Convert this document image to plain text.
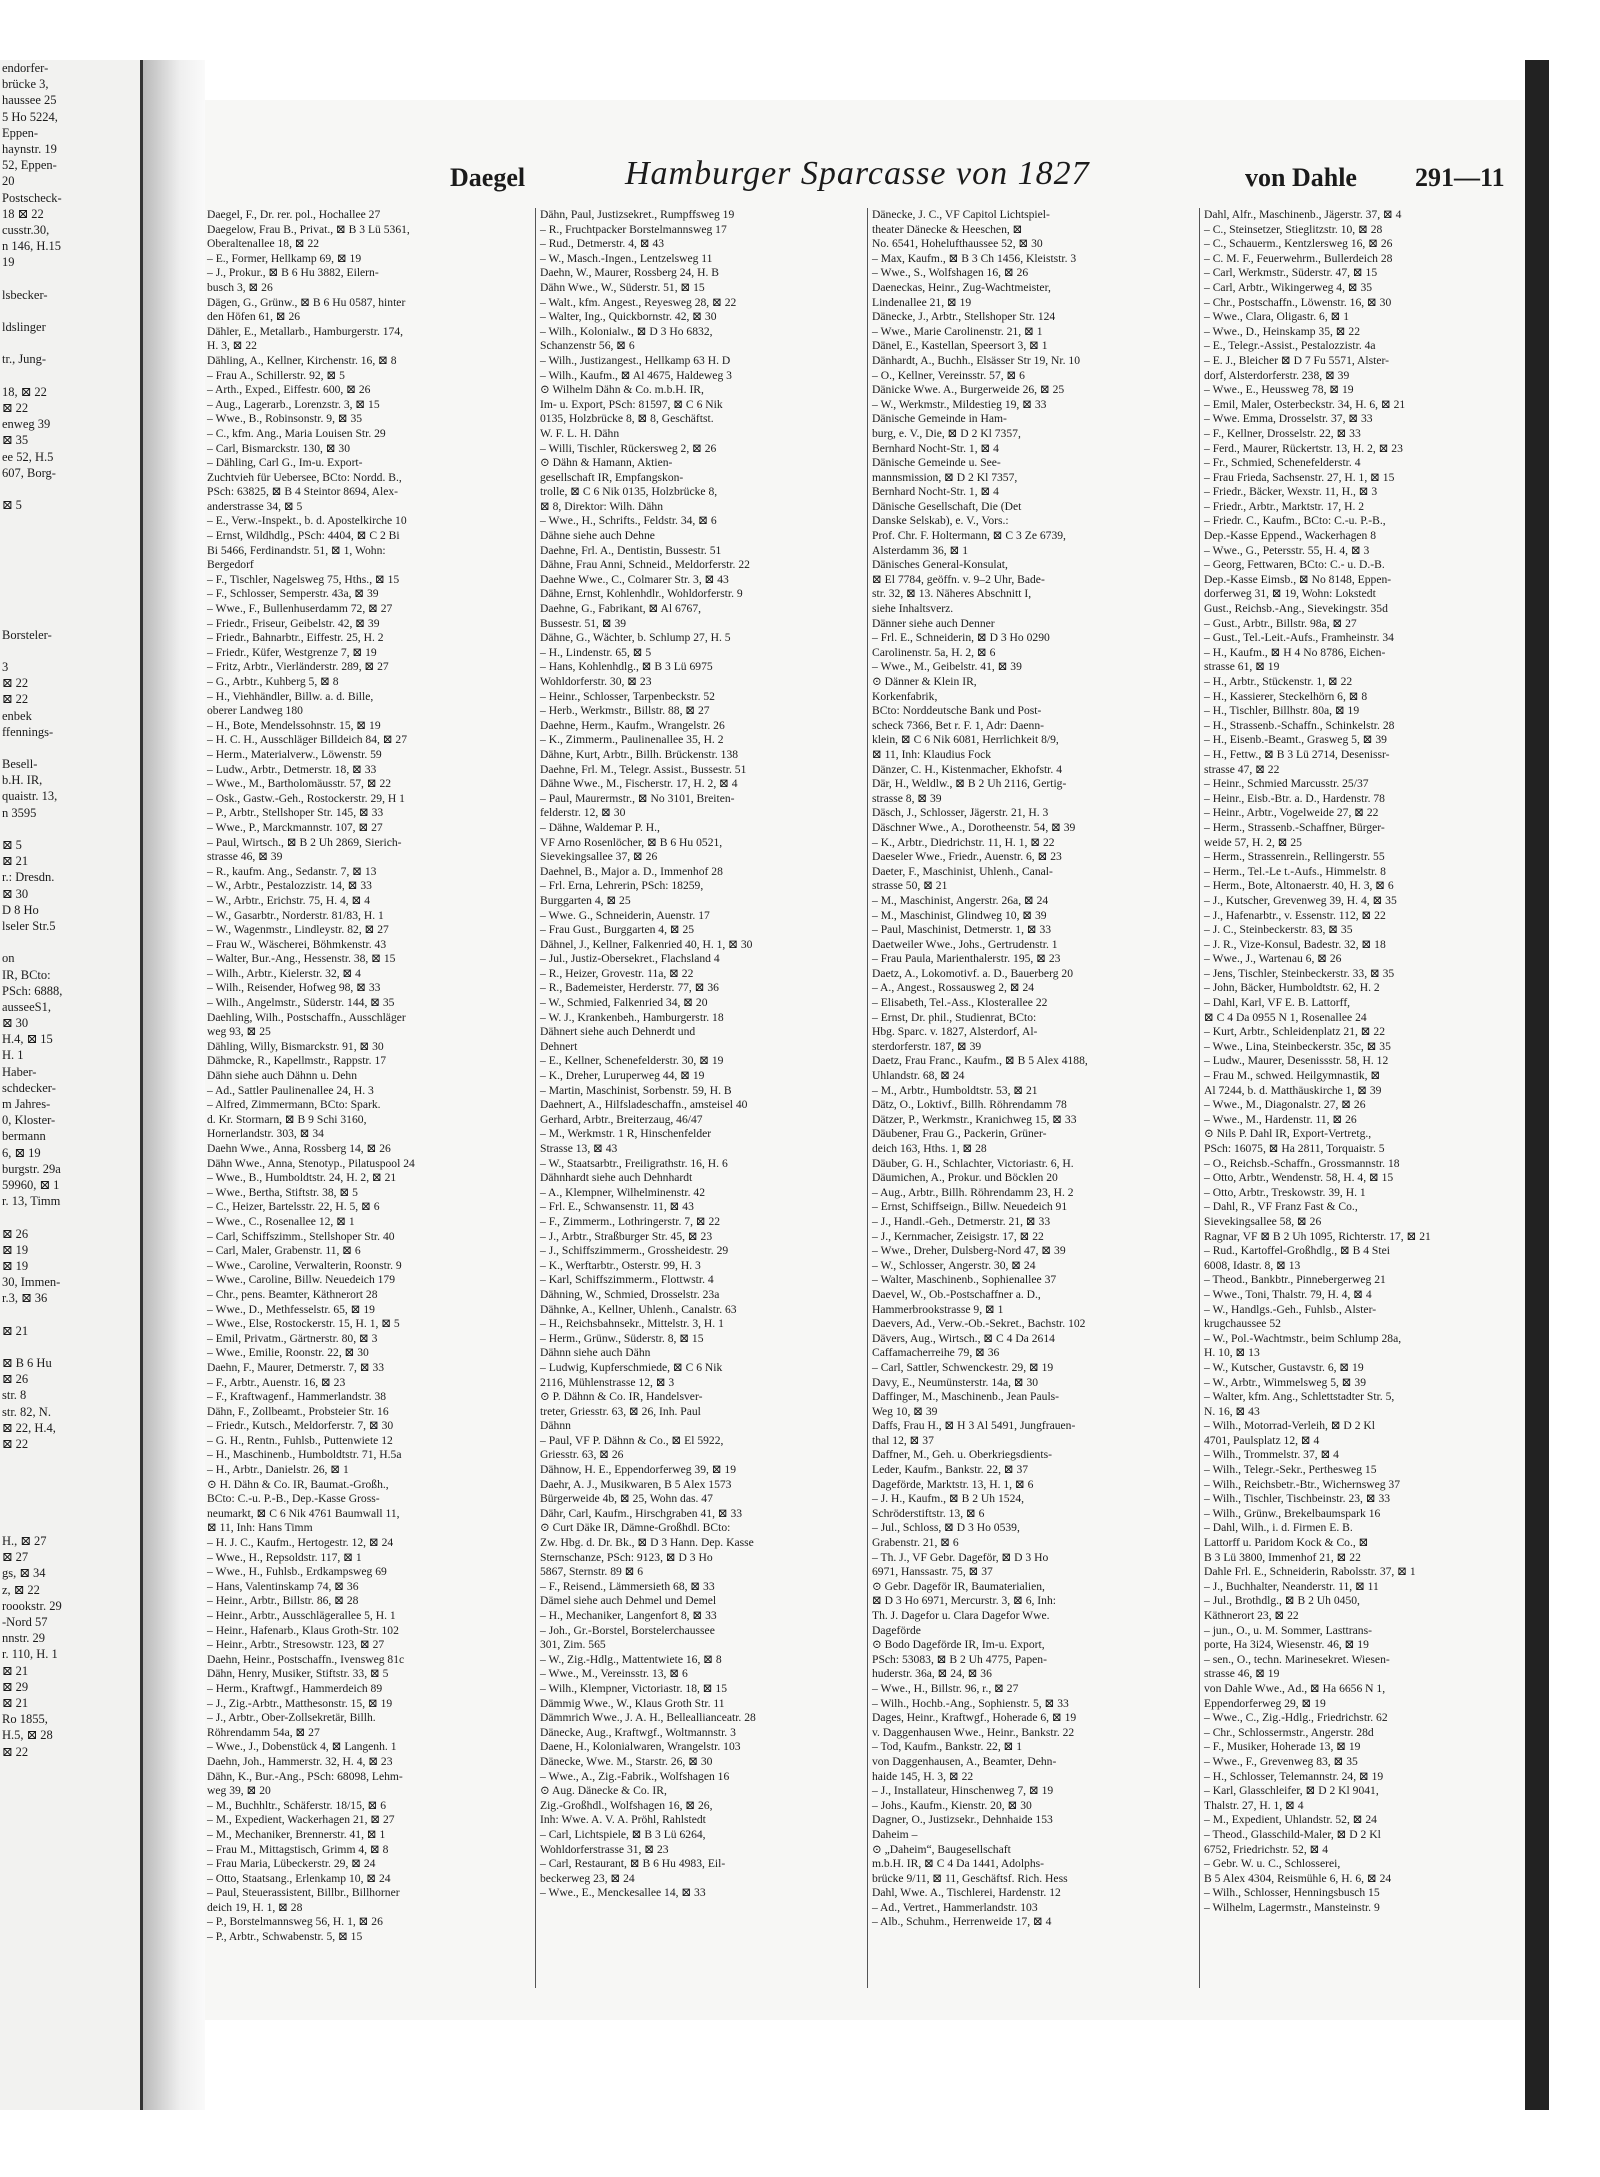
endorfer-
brücke 3,
haussee 25
5 Ho 5224,
Eppen-
haynstr. 19
52, Eppen-
20
Postscheck-
18 ⊠ 22
cusstr.30,
n 146, H.15
19
lsbecker-
ldslinger
tr., Jung-
18, ⊠ 22
⊠ 22
enweg 39
⊠ 35
ee 52, H.5
607, Borg-
⊠ 5
Borsteler-
3
⊠ 22
⊠ 22
enbek
ffennings-
Besell-
b.H. IR,
quaistr. 13,
n 3595
⊠ 5
⊠ 21
r.: Dresdn.
⊠ 30
D 8 Ho
lseler Str.5
on
IR, BCto:
PSch: 6888,
ausseeS1,
⊠ 30
H.4, ⊠ 15
H. 1
Haber-
schdecker-
m Jahres-
0, Kloster-
bermann
6, ⊠ 19
burgstr. 29a
59960, ⊠ 1
r. 13, Timm
⊠ 26
⊠ 19
⊠ 19
30, Immen-
r.3, ⊠ 36
⊠ 21
⊠ B 6 Hu
⊠ 26
str. 8
str. 82, N.
⊠ 22, H.4,
⊠ 22
H., ⊠ 27
⊠ 27
gs, ⊠ 34
z, ⊠ 22
roookstr. 29
-Nord 57
nnstr. 29
r. 110, H. 1
⊠ 21
⊠ 29
⊠ 21
Ro 1855,
H.5, ⊠ 28
⊠ 22
Daegel	Hamburger Sparcasse von 1827	von Dahle 291—11
Daegel, F., Dr. rer. pol., Hochallee 27
Daegelow, Frau B., Privat., ⊠ B 3 Lü 5361,
Oberaltenallee 18, ⊠ 22
– E., Former, Hellkamp 69, ⊠ 19
– J., Prokur., ⊠ B 6 Hu 3882, Eilern-
busch 3, ⊠ 26
Dägen, G., Grünw., ⊠ B 6 Hu 0587, hinter
den Höfen 61, ⊠ 26
Dähler, E., Metallarb., Hamburgerstr. 174,
H. 3, ⊠ 22
Dähling, A., Kellner, Kirchenstr. 16, ⊠ 8
– Frau A., Schillerstr. 92, ⊠ 5
– Arth., Exped., Eiffestr. 600, ⊠ 26
– Aug., Lagerarb., Lorenzstr. 3, ⊠ 15
– Wwe., B., Robinsonstr. 9, ⊠ 35
– C., kfm. Ang., Maria Louisen Str. 29
– Carl, Bismarckstr. 130, ⊠ 30
– Dähling, Carl G., Im-u. Export-
Zuchtvieh für Uebersee, BCto: Nordd. B.,
PSch: 63825, ⊠ B 4 Steintor 8694, Alex-
anderstrasse 34, ⊠ 5
– E., Verw.-Inspekt., b. d. Apostelkirche 10
– Ernst, Wildhdlg., PSch: 4404, ⊠ C 2 Bi
Bi 5466, Ferdinandstr. 51, ⊠ 1, Wohn:
Bergedorf
– F., Tischler, Nagelsweg 75, Hths., ⊠ 15
– F., Schlosser, Semperstr. 43a, ⊠ 39
– Wwe., F., Bullenhuserdamm 72, ⊠ 27
– Friedr., Friseur, Geibelstr. 42, ⊠ 39
– Friedr., Bahnarbtr., Eiffestr. 25, H. 2
– Friedr., Küfer, Westgrenze 7, ⊠ 19
– Fritz, Arbtr., Vierländerstr. 289, ⊠ 27
– G., Arbtr., Kuhberg 5, ⊠ 8
– H., Viehhändler, Billw. a. d. Bille,
oberer Landweg 180
– H., Bote, Mendelssohnstr. 15, ⊠ 19
– H. C. H., Ausschläger Billdeich 84, ⊠ 27
– Herm., Materialverw., Löwenstr. 59
– Ludw., Arbtr., Detmerstr. 18, ⊠ 33
– Wwe., M., Bartholomäusstr. 57, ⊠ 22
– Osk., Gastw.-Geh., Rostockerstr. 29, H 1
– P., Arbtr., Stellshoper Str. 145, ⊠ 33
– Wwe., P., Marckmannstr. 107, ⊠ 27
– Paul, Wirtsch., ⊠ B 2 Uh 2869, Sierich-
strasse 46, ⊠ 39
– R., kaufm. Ang., Sedanstr. 7, ⊠ 13
– W., Arbtr., Pestalozzistr. 14, ⊠ 33
– W., Arbtr., Erichstr. 75, H. 4, ⊠ 4
– W., Gasarbtr., Norderstr. 81/83, H. 1
– W., Wagenmstr., Lindleystr. 82, ⊠ 27
– Frau W., Wäscherei, Böhmkenstr. 43
– Walter, Bur.-Ang., Hessenstr. 38, ⊠ 15
– Wilh., Arbtr., Kielerstr. 32, ⊠ 4
– Wilh., Reisender, Hofweg 98, ⊠ 33
– Wilh., Angelmstr., Süderstr. 144, ⊠ 35
Daehling, Wilh., Postschaffn., Ausschläger
weg 93, ⊠ 25
Dähling, Willy, Bismarckstr. 91, ⊠ 30
Dähmcke, R., Kapellmstr., Rappstr. 17
Dähn siehe auch Dähnn u. Dehn
– Ad., Sattler Paulinenallee 24, H. 3
– Alfred, Zimmermann, BCto: Spark.
d. Kr. Stormarn, ⊠ B 9 Schi 3160,
Hornerlandstr. 303, ⊠ 34
Daehn Wwe., Anna, Rossberg 14, ⊠ 26
Dähn Wwe., Anna, Stenotyp., Pilatuspool 24
– Wwe., B., Humboldtstr. 24, H. 2, ⊠ 21
– Wwe., Bertha, Stiftstr. 38, ⊠ 5
– C., Heizer, Bartelsstr. 22, H. 5, ⊠ 6
– Wwe., C., Rosenallee 12, ⊠ 1
– Carl, Schiffszimm., Stellshoper Str. 40
– Carl, Maler, Grabenstr. 11, ⊠ 6
– Wwe., Caroline, Verwalterin, Roonstr. 9
– Wwe., Caroline, Billw. Neuedeich 179
– Chr., pens. Beamter, Käthnerort 28
– Wwe., D., Methfesselstr. 65, ⊠ 19
– Wwe., Else, Rostockerstr. 15, H. 1, ⊠ 5
– Emil, Privatm., Gärtnerstr. 80, ⊠ 3
– Wwe., Emilie, Roonstr. 22, ⊠ 30
Daehn, F., Maurer, Detmerstr. 7, ⊠ 33
– F., Arbtr., Auenstr. 16, ⊠ 23
– F., Kraftwagenf., Hammerlandstr. 38
Dähn, F., Zollbeamt., Probsteier Str. 16
– Friedr., Kutsch., Meldorferstr. 7, ⊠ 30
– G. H., Rentn., Fuhlsb., Puttenwiete 12
– H., Maschinenb., Humboldtstr. 71, H.5a
– H., Arbtr., Danielstr. 26, ⊠ 1
⊙ H. Dähn & Co. IR, Baumat.-Großh.,
BCto: C.-u. P.-B., Dep.-Kasse Gross-
neumarkt, ⊠ C 6 Nik 4761 Baumwall 11,
⊠ 11, Inh: Hans Timm
– H. J. C., Kaufm., Hertogestr. 12, ⊠ 24
– Wwe., H., Repsoldstr. 117, ⊠ 1
– Wwe., H., Fuhlsb., Erdkampsweg 69
– Hans, Valentinskamp 74, ⊠ 36
– Heinr., Arbtr., Billstr. 86, ⊠ 28
– Heinr., Arbtr., Ausschlägerallee 5, H. 1
– Heinr., Hafenarb., Klaus Groth-Str. 102
– Heinr., Arbtr., Stresowstr. 123, ⊠ 27
Daehn, Heinr., Postschaffn., Ivensweg 81c
Dähn, Henry, Musiker, Stiftstr. 33, ⊠ 5
– Herm., Kraftwgf., Hammerdeich 89
– J., Zig.-Arbtr., Matthesonstr. 15, ⊠ 19
– J., Arbtr., Ober-Zollsekretär, Billh.
Röhrendamm 54a, ⊠ 27
– Wwe., J., Dobenstück 4, ⊠ Langenh. 1
Daehn, Joh., Hammerstr. 32, H. 4, ⊠ 23
Dähn, K., Bur.-Ang., PSch: 68098, Lehm-
weg 39, ⊠ 20
– M., Buchhltr., Schäferstr. 18/15, ⊠ 6
– M., Expedient, Wackerhagen 21, ⊠ 27
– M., Mechaniker, Brennerstr. 41, ⊠ 1
– Frau M., Mittagstisch, Grimm 4, ⊠ 8
– Frau Maria, Lübeckerstr. 29, ⊠ 24
– Otto, Staatsang., Erlenkamp 10, ⊠ 24
– Paul, Steuerassistent, Billbr., Billhorner
deich 19, H. 1, ⊠ 28
– P., Borstelmannsweg 56, H. 1, ⊠ 26
– P., Arbtr., Schwabenstr. 5, ⊠ 15
Dähn, Paul, Justizsekret., Rumpffsweg 19
– R., Fruchtpacker Borstelmannsweg 17
– Rud., Detmerstr. 4, ⊠ 43
– W., Masch.-Ingen., Lentzelsweg 11
Daehn, W., Maurer, Rossberg 24, H. B
Dähn Wwe., W., Süderstr. 51, ⊠ 15
– Walt., kfm. Angest., Reyesweg 28, ⊠ 22
– Walter, Ing., Quickbornstr. 42, ⊠ 30
– Wilh., Kolonialw., ⊠ D 3 Ho 6832,
Schanzenstr 56, ⊠ 6
– Wilh., Justizangest., Hellkamp 63 H. D
– Wilh., Kaufm., ⊠ Al 4675, Haldeweg 3
⊙ Wilhelm Dähn & Co. m.b.H. IR,
Im- u. Export, PSch: 81597, ⊠ C 6 Nik
0135, Holzbrücke 8, ⊠ 8, Geschäftst.
W. F. L. H. Dähn
– Willi, Tischler, Rückersweg 2, ⊠ 26
⊙ Dähn & Hamann, Aktien-
gesellschaft IR, Empfangskon-
trolle, ⊠ C 6 Nik 0135, Holzbrücke 8,
⊠ 8, Direktor: Wilh. Dähn
– Wwe., H., Schrifts., Feldstr. 34, ⊠ 6
Dähne siehe auch Dehne
Daehne, Frl. A., Dentistin, Bussestr. 51
Dähne, Frau Anni, Schneid., Meldorferstr. 22
Daehne Wwe., C., Colmarer Str. 3, ⊠ 43
Dähne, Ernst, Kohlenhdlr., Wohldorferstr. 9
Daehne, G., Fabrikant, ⊠ Al 6767,
Bussestr. 51, ⊠ 39
Dähne, G., Wächter, b. Schlump 27, H. 5
– H., Lindenstr. 65, ⊠ 5
– Hans, Kohlenhdlg., ⊠ B 3 Lü 6975
Wohldorferstr. 30, ⊠ 23
– Heinr., Schlosser, Tarpenbeckstr. 52
– Herb., Werkmstr., Billstr. 88, ⊠ 27
Daehne, Herm., Kaufm., Wrangelstr. 26
– K., Zimmerm., Paulinenallee 35, H. 2
Dähne, Kurt, Arbtr., Billh. Brückenstr. 138
Daehne, Frl. M., Telegr. Assist., Bussestr. 51
Dähne Wwe., M., Fischerstr. 17, H. 2, ⊠ 4
– Paul, Maurermstr., ⊠ No 3101, Breiten-
felderstr. 12, ⊠ 30
– Dähne, Waldemar P. H.,
VF Arno Rosenlöcher, ⊠ B 6 Hu 0521,
Sievekingsallee 37, ⊠ 26
Daehnel, B., Major a. D., Immenhof 28
– Frl. Erna, Lehrerin, PSch: 18259,
Burggarten 4, ⊠ 25
– Wwe. G., Schneiderin, Auenstr. 17
– Frau Gust., Burggarten 4, ⊠ 25
Dähnel, J., Kellner, Falkenried 40, H. 1, ⊠ 30
– Jul., Justiz-Obersekret., Flachsland 4
– R., Heizer, Grovestr. 11a, ⊠ 22
– R., Bademeister, Herderstr. 77, ⊠ 36
– W., Schmied, Falkenried 34, ⊠ 20
– W. J., Krankenbeh., Hamburgerstr. 18
Dähnert siehe auch Dehnerdt und
Dehnert
– E., Kellner, Schenefelderstr. 30, ⊠ 19
– K., Dreher, Luruperweg 44, ⊠ 19
– Martin, Maschinist, Sorbenstr. 59, H. B
Daehnert, A., Hilfsladeschaffn., amsteisel 40
Gerhard, Arbtr., Breiterzaug, 46/47
– M., Werkmstr. 1 R, Hinschenfelder
Strasse 13, ⊠ 43
– W., Staatsarbtr., Freiligrathstr. 16, H. 6
Dähnhardt siehe auch Dehnhardt
– A., Klempner, Wilhelminenstr. 42
– Frl. E., Schwansenstr. 11, ⊠ 43
– F., Zimmerm., Lothringerstr. 7, ⊠ 22
– J., Arbtr., Straßburger Str. 45, ⊠ 23
– J., Schiffszimmerm., Grossheidestr. 29
– K., Werftarbtr., Osterstr. 99, H. 3
– Karl, Schiffszimmerm., Flottwstr. 4
Dähning, W., Schmied, Drosselstr. 23a
Dähnke, A., Kellner, Uhlenh., Canalstr. 63
– H., Reichsbahnsekr., Mittelstr. 3, H. 1
– Herm., Grünw., Süderstr. 8, ⊠ 15
Dähnn siehe auch Dähn
– Ludwig, Kupferschmiede, ⊠ C 6 Nik
2116, Mühlenstrasse 12, ⊠ 3
⊙ P. Dähnn & Co. IR, Handelsver-
treter, Griesstr. 63, ⊠ 26, Inh. Paul
Dähnn
– Paul, VF P. Dähnn & Co., ⊠ El 5922,
Griesstr. 63, ⊠ 26
Dähnow, H. E., Eppendorferweg 39, ⊠ 19
Daehr, A. J., Musikwaren, B 5 Alex 1573
Bürgerweide 4b, ⊠ 25, Wohn das. 47
Dähr, Carl, Kaufm., Hirschgraben 41, ⊠ 33
⊙ Curt Däke IR, Dämne-Großhdl. BCto:
Zw. Hbg. d. Dr. Bk., ⊠ D 3 Hann. Dep. Kasse
Sternschanze, PSch: 9123, ⊠ D 3 Ho
5867, Sternstr. 89 ⊠ 6
– F., Reisend., Lämmersieth 68, ⊠ 33
Dämel siehe auch Dehmel und Demel
– H., Mechaniker, Langenfort 8, ⊠ 33
– Joh., Gr.-Borstel, Borstelerchaussee
301, Zim. 565
– W., Zig.-Hdlg., Mattentwiete 16, ⊠ 8
– Wwe., M., Vereinsstr. 13, ⊠ 6
– Wilh., Klempner, Victoriastr. 18, ⊠ 15
Dämmig Wwe., W., Klaus Groth Str. 11
Dämmrich Wwe., J. A. H., Belleallianceatr. 28
Dänecke, Aug., Kraftwgf., Woltmannstr. 3
Daene, H., Kolonialwaren, Wrangelstr. 103
Dänecke, Wwe. M., Starstr. 26, ⊠ 30
– Wwe., A., Zig.-Fabrik., Wolfshagen 16
⊙ Aug. Dänecke & Co. IR,
Zig.-Großhdl., Wolfshagen 16, ⊠ 26,
Inh: Wwe. A. V. A. Pröhl, Rahlstedt
– Carl, Lichtspiele, ⊠ B 3 Lü 6264,
Wohldorferstrasse 31, ⊠ 23
– Carl, Restaurant, ⊠ B 6 Hu 4983, Eil-
beckerweg 23, ⊠ 24
– Wwe., E., Menckesallee 14, ⊠ 33
Dänecke, J. C., VF Capitol Lichtspiel-
theater Dänecke & Heeschen, ⊠
No. 6541, Hohelufthaussee 52, ⊠ 30
– Max, Kaufm., ⊠ B 3 Ch 1456, Kleiststr. 3
– Wwe., S., Wolfshagen 16, ⊠ 26
Daeneckas, Heinr., Zug-Wachtmeister,
Lindenallee 21, ⊠ 19
Dänecke, J., Arbtr., Stellshoper Str. 124
– Wwe., Marie Carolinenstr. 21, ⊠ 1
Dänel, E., Kastellan, Speersort 3, ⊠ 1
Dänhardt, A., Buchh., Elsässer Str 19, Nr. 10
– O., Kellner, Vereinsstr. 57, ⊠ 6
Dänicke Wwe. A., Burgerweide 26, ⊠ 25
– W., Werkmstr., Mildestieg 19, ⊠ 33
Dänische Gemeinde in Ham-
burg, e. V., Die, ⊠ D 2 Kl 7357,
Bernhard Nocht-Str. 1, ⊠ 4
Dänische Gemeinde u. See-
mannsmission, ⊠ D 2 Kl 7357,
Bernhard Nocht-Str. 1, ⊠ 4
Dänische Gesellschaft, Die (Det
Danske Selskab), e. V., Vors.:
Prof. Chr. F. Holtermann, ⊠ C 3 Ze 6739,
Alsterdamm 36, ⊠ 1
Dänisches General-Konsulat,
⊠ El 7784, geöffn. v. 9–2 Uhr, Bade-
str. 32, ⊠ 13. Näheres Abschnitt I,
siehe Inhaltsverz.
Dänner siehe auch Denner
– Frl. E., Schneiderin, ⊠ D 3 Ho 0290
Carolinenstr. 5a, H. 2, ⊠ 6
– Wwe., M., Geibelstr. 41, ⊠ 39
⊙ Dänner & Klein IR,
Korkenfabrik,
BCto: Norddeutsche Bank und Post-
scheck 7366, Bet r. F. 1, Adr: Daenn-
klein, ⊠ C 6 Nik 6081, Herrlichkeit 8/9,
⊠ 11, Inh: Klaudius Fock
Dänzer, C. H., Kistenmacher, Ekhofstr. 4
Där, H., Weldlw., ⊠ B 2 Uh 2116, Gertig-
strasse 8, ⊠ 39
Däsch, J., Schlosser, Jägerstr. 21, H. 3
Däschner Wwe., A., Dorotheenstr. 54, ⊠ 39
– K., Arbtr., Diedrichstr. 11, H. 1, ⊠ 22
Daeseler Wwe., Friedr., Auenstr. 6, ⊠ 23
Daeter, F., Maschinist, Uhlenh., Canal-
strasse 50, ⊠ 21
– M., Maschinist, Angerstr. 26a, ⊠ 24
– M., Maschinist, Glindweg 10, ⊠ 39
– Paul, Maschinist, Detmerstr. 1, ⊠ 33
Daetweiler Wwe., Johs., Gertrudenstr. 1
– Frau Paula, Marienthalerstr. 195, ⊠ 23
Daetz, A., Lokomotivf. a. D., Bauerberg 20
– A., Angest., Rossausweg 2, ⊠ 24
– Elisabeth, Tel.-Ass., Klosterallee 22
– Ernst, Dr. phil., Studienrat, BCto:
Hbg. Sparc. v. 1827, Alsterdorf, Al-
sterdorferstr. 187, ⊠ 39
Daetz, Frau Franc., Kaufm., ⊠ B 5 Alex 4188,
Uhlandstr. 68, ⊠ 24
– M., Arbtr., Humboldtstr. 53, ⊠ 21
Dätz, O., Loktivf., Billh. Röhrendamm 78
Dätzer, P., Werkmstr., Kranichweg 15, ⊠ 33
Däubener, Frau G., Packerin, Grüner-
deich 163, Hths. 1, ⊠ 28
Däuber, G. H., Schlachter, Victoriastr. 6, H.
Däumichen, A., Prokur. und Böcklen 20
– Aug., Arbtr., Billh. Röhrendamm 23, H. 2
– Ernst, Schiffseign., Billw. Neuedeich 91
– J., Handl.-Geh., Detmerstr. 21, ⊠ 33
– J., Kernmacher, Zeisigstr. 17, ⊠ 22
– Wwe., Dreher, Dulsberg-Nord 47, ⊠ 39
– W., Schlosser, Angerstr. 30, ⊠ 24
– Walter, Maschinenb., Sophienallee 37
Daevel, W., Ob.-Postschaffner a. D.,
Hammerbrookstrasse 9, ⊠ 1
Daevers, Ad., Verw.-Ob.-Sekret., Bachstr. 102
Dävers, Aug., Wirtsch., ⊠ C 4 Da 2614
Caffamacherreihe 79, ⊠ 36
– Carl, Sattler, Schwenckestr. 29, ⊠ 19
Davy, E., Neumünsterstr. 14a, ⊠ 30
Daffinger, M., Maschinenb., Jean Pauls-
Weg 10, ⊠ 39
Daffs, Frau H., ⊠ H 3 Al 5491, Jungfrauen-
thal 12, ⊠ 37
Daffner, M., Geh. u. Oberkriegsdients-
Leder, Kaufm., Bankstr. 22, ⊠ 37
Dageförde, Marktstr. 13, H. 1, ⊠ 6
– J. H., Kaufm., ⊠ B 2 Uh 1524,
Schröderstiftstr. 13, ⊠ 6
– Jul., Schloss, ⊠ D 3 Ho 0539,
Grabenstr. 21, ⊠ 6
– Th. J., VF Gebr. Dageför, ⊠ D 3 Ho
6971, Hanssastr. 75, ⊠ 37
⊙ Gebr. Dageför IR, Baumaterialien,
⊠ D 3 Ho 6971, Mercurstr. 3, ⊠ 6, Inh:
Th. J. Dagefor u. Clara Dagefor Wwe.
Dageförde
⊙ Bodo Dageförde IR, Im-u. Export,
PSch: 53083, ⊠ B 2 Uh 4775, Papen-
huderstr. 36a, ⊠ 24, ⊠ 36
– Wwe., H., Billstr. 96, r., ⊠ 27
– Wilh., Hochb.-Ang., Sophienstr. 5, ⊠ 33
Dages, Heinr., Kraftwgf., Hoherade 6, ⊠ 19
v. Daggenhausen Wwe., Heinr., Bankstr. 22
– Tod, Kaufm., Bankstr. 22, ⊠ 1
von Daggenhausen, A., Beamter, Dehn-
haide 145, H. 3, ⊠ 22
– J., Installateur, Hinschenweg 7, ⊠ 19
– Johs., Kaufm., Kienstr. 20, ⊠ 30
Dagner, O., Justizsekr., Dehnhaide 153
Daheim –
⊙ „Daheim“, Baugesellschaft
m.b.H. IR, ⊠ C 4 Da 1441, Adolphs-
brücke 9/11, ⊠ 11, Geschäftsf. Rich. Hess
Dahl, Wwe. A., Tischlerei, Hardenstr. 12
– Ad., Vertret., Hammerlandstr. 103
– Alb., Schuhm., Herrenweide 17, ⊠ 4
Dahl, Alfr., Maschinenb., Jägerstr. 37, ⊠ 4
– C., Steinsetzer, Stieglitzstr. 10, ⊠ 28
– C., Schauerm., Kentzlersweg 16, ⊠ 26
– C. M. F., Feuerwehrm., Bullerdeich 28
– Carl, Werkmstr., Süderstr. 47, ⊠ 15
– Carl, Arbtr., Wikingerweg 4, ⊠ 35
– Chr., Postschaffn., Löwenstr. 16, ⊠ 30
– Wwe., Clara, Oligastr. 6, ⊠ 1
– Wwe., D., Heinskamp 35, ⊠ 22
– E., Telegr.-Assist., Pestalozzistr. 4a
– E. J., Bleicher ⊠ D 7 Fu 5571, Alster-
dorf, Alsterdorferstr. 238, ⊠ 39
– Wwe., E., Heussweg 78, ⊠ 19
– Emil, Maler, Osterbeckstr. 34, H. 6, ⊠ 21
– Wwe. Emma, Drosselstr. 37, ⊠ 33
– F., Kellner, Drosselstr. 22, ⊠ 33
– Ferd., Maurer, Rückertstr. 13, H. 2, ⊠ 23
– Fr., Schmied, Schenefelderstr. 4
– Frau Frieda, Sachsenstr. 27, H. 1, ⊠ 15
– Friedr., Bäcker, Wexstr. 11, H., ⊠ 3
– Friedr., Arbtr., Marktstr. 17, H. 2
– Friedr. C., Kaufm., BCto: C.-u. P.-B.,
Dep.-Kasse Eppend., Wackerhagen 8
– Wwe., G., Petersstr. 55, H. 4, ⊠ 3
– Georg, Fettwaren, BCto: C.- u. D.-B.
Dep.-Kasse Eimsb., ⊠ No 8148, Eppen-
dorferweg 31, ⊠ 19, Wohn: Lokstedt
Gust., Reichsb.-Ang., Sievekingstr. 35d
– Gust., Arbtr., Billstr. 98a, ⊠ 27
– Gust., Tel.-Leit.-Aufs., Framheinstr. 34
– H., Kaufm., ⊠ H 4 No 8786, Eichen-
strasse 61, ⊠ 19
– H., Arbtr., Stückenstr. 1, ⊠ 22
– H., Kassierer, Steckelhörn 6, ⊠ 8
– H., Tischler, Billhstr. 80a, ⊠ 19
– H., Strassenb.-Schaffn., Schinkelstr. 28
– H., Eisenb.-Beamt., Grasweg 5, ⊠ 39
– H., Fettw., ⊠ B 3 Lü 2714, Desenissr-
strasse 47, ⊠ 22
– Heinr., Schmied Marcusstr. 25/37
– Heinr., Eisb.-Btr. a. D., Hardenstr. 78
– Heinr., Arbtr., Vogelweide 27, ⊠ 22
– Herm., Strassenb.-Schaffner, Bürger-
weide 57, H. 2, ⊠ 25
– Herm., Strassenrein., Rellingerstr. 55
– Herm., Tel.-Le t.-Aufs., Himmelstr. 8
– Herm., Bote, Altonaerstr. 40, H. 3, ⊠ 6
– J., Kutscher, Grevenweg 39, H. 4, ⊠ 35
– J., Hafenarbtr., v. Essenstr. 112, ⊠ 22
– J. C., Steinbeckerstr. 83, ⊠ 35
– J. R., Vize-Konsul, Badestr. 32, ⊠ 18
– Wwe., J., Wartenau 6, ⊠ 26
– Jens, Tischler, Steinbeckerstr. 33, ⊠ 35
– John, Bäcker, Humboldtstr. 62, H. 2
– Dahl, Karl, VF E. B. Lattorff,
⊠ C 4 Da 0955 N 1, Rosenallee 24
– Kurt, Arbtr., Schleidenplatz 21, ⊠ 22
– Wwe., Lina, Steinbeckerstr. 35c, ⊠ 35
– Ludw., Maurer, Desenissstr. 58, H. 12
– Frau M., schwed. Heilgymnastik, ⊠
Al 7244, b. d. Matthäuskirche 1, ⊠ 39
– Wwe., M., Diagonalstr. 27, ⊠ 26
– Wwe., M., Hardenstr. 11, ⊠ 26
⊙ Nils P. Dahl IR, Export-Vertretg.,
PSch: 16075, ⊠ Ha 2811, Torquaistr. 5
– O., Reichsb.-Schaffn., Grossmannstr. 18
– Otto, Arbtr., Wendenstr. 58, H. 4, ⊠ 15
– Otto, Arbtr., Treskowstr. 39, H. 1
– Dahl, R., VF Franz Fast & Co.,
Sievekingsallee 58, ⊠ 26
Ragnar, VF ⊠ B 2 Uh 1095, Richterstr. 17, ⊠ 21
– Rud., Kartoffel-Großhdlg., ⊠ B 4 Stei
6008, Idastr. 8, ⊠ 13
– Theod., Bankbtr., Pinnebergerweg 21
– Wwe., Toni, Thalstr. 79, H. 4, ⊠ 4
– W., Handlgs.-Geh., Fuhlsb., Alster-
krugchaussee 52
– W., Pol.-Wachtmstr., beim Schlump 28a,
H. 10, ⊠ 13
– W., Kutscher, Gustavstr. 6, ⊠ 19
– W., Arbtr., Wimmelsweg 5, ⊠ 39
– Walter, kfm. Ang., Schlettstadter Str. 5,
N. 16, ⊠ 43
– Wilh., Motorrad-Verleih, ⊠ D 2 Kl
4701, Paulsplatz 12, ⊠ 4
– Wilh., Trommelstr. 37, ⊠ 4
– Wilh., Telegr.-Sekr., Perthesweg 15
– Wilh., Reichsbetr.-Btr., Wichernsweg 37
– Wilh., Tischler, Tischbeinstr. 23, ⊠ 33
– Wilh., Grünw., Brekelbaumspark 16
– Dahl, Wilh., i. d. Firmen E. B.
Lattorff u. Paridom Kock & Co., ⊠
B 3 Lü 3800, Immenhof 21, ⊠ 22
Dahle Frl. E., Schneiderin, Rabolsstr. 37, ⊠ 1
– J., Buchhalter, Neanderstr. 11, ⊠ 11
– Jul., Brothdlg., ⊠ B 2 Uh 0450,
Käthnerort 23, ⊠ 22
– jun., O., u. M. Sommer, Lasttrans-
porte, Ha 3i24, Wiesenstr. 46, ⊠ 19
– sen., O., techn. Marinesekret. Wiesen-
strasse 46, ⊠ 19
von Dahle Wwe., Ad., ⊠ Ha 6656 N 1,
Eppendorferweg 29, ⊠ 19
– Wwe., C., Zig.-Hdlg., Friedrichstr. 62
– Chr., Schlossermstr., Angerstr. 28d
– F., Musiker, Hoherade 13, ⊠ 19
– Wwe., F., Grevenweg 83, ⊠ 35
– H., Schlosser, Telemannstr. 24, ⊠ 19
– Karl, Glasschleifer, ⊠ D 2 Kl 9041,
Thalstr. 27, H. 1, ⊠ 4
– M., Expedient, Uhlandstr. 52, ⊠ 24
– Theod., Glasschild-Maler, ⊠ D 2 Kl
6752, Friedrichstr. 52, ⊠ 4
– Gebr. W. u. C., Schlosserei,
B 5 Alex 4304, Reismühle 6, H. 6, ⊠ 24
– Wilh., Schlosser, Henningsbusch 15
– Wilhelm, Lagermstr., Mansteinstr. 9
